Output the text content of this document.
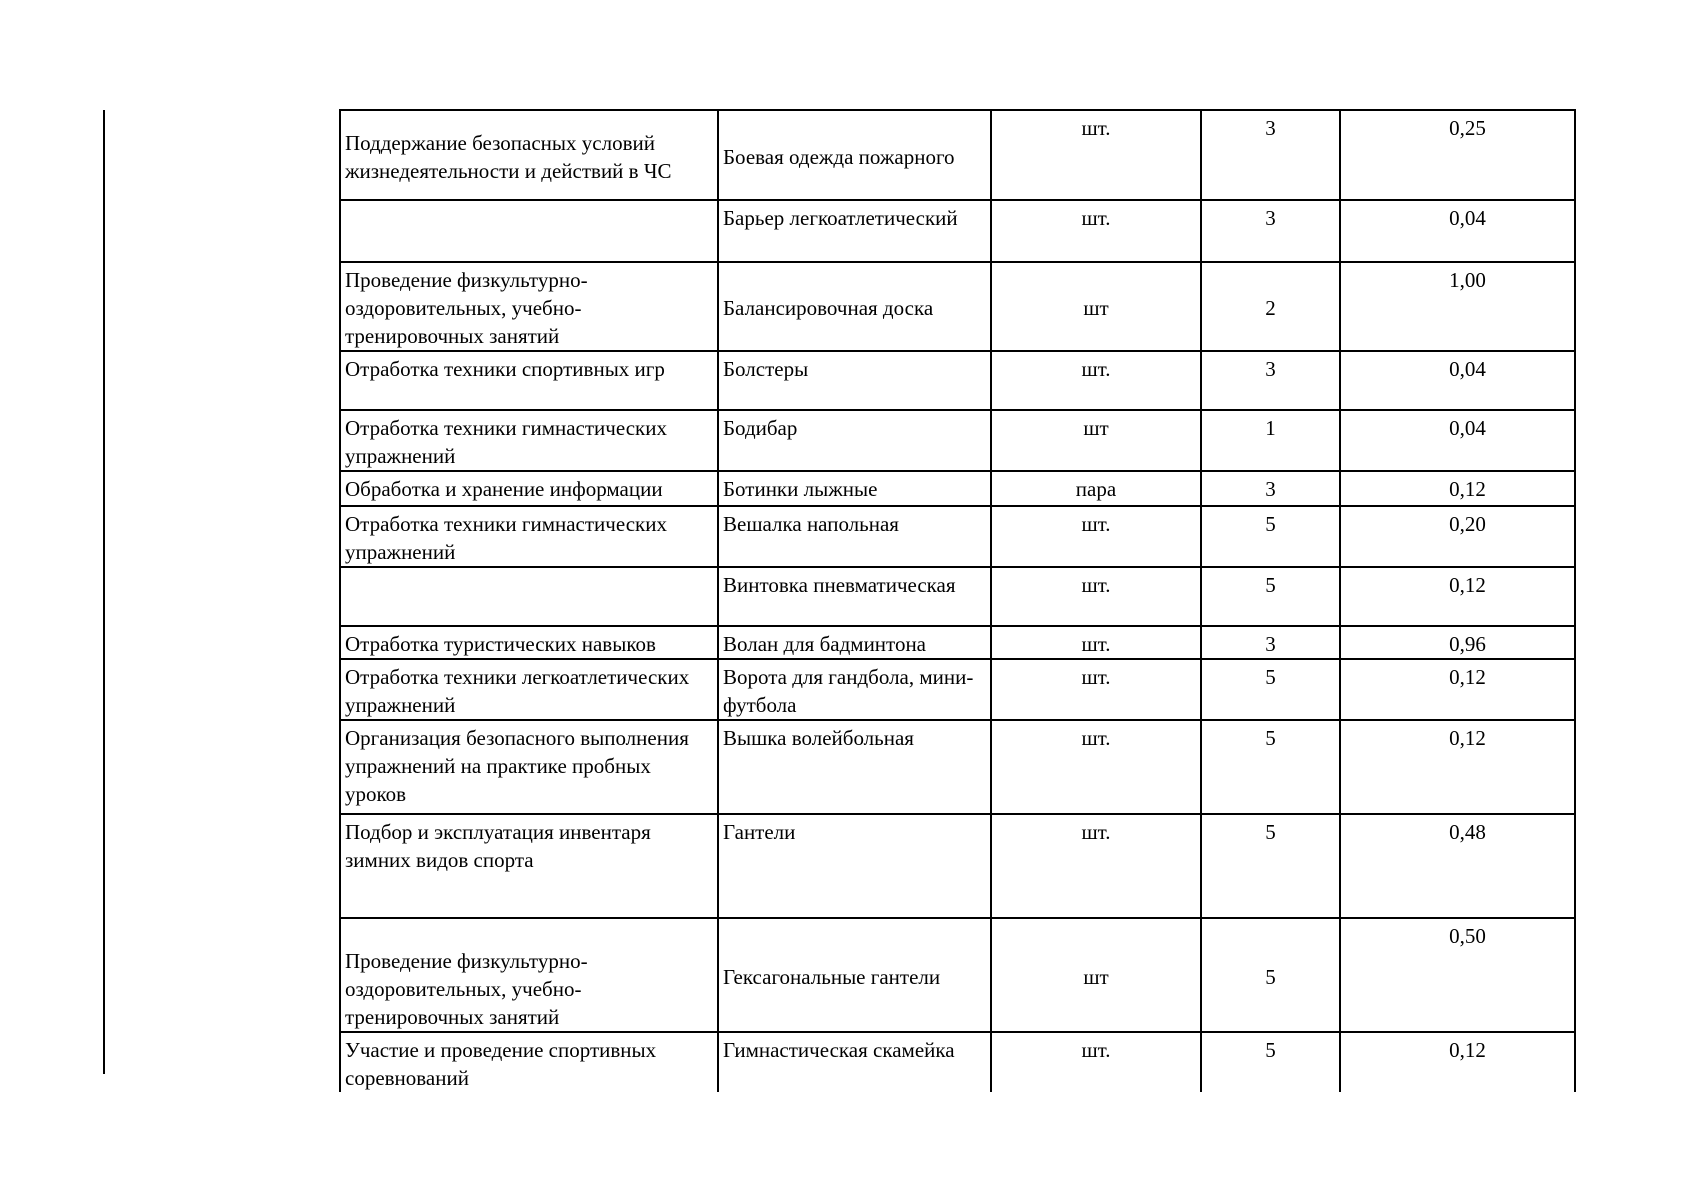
Поддержание безопасных условий жизнедеятельности и действий в ЧС	Боевая одежда пожарного	шт.	3	0,25
	Барьер легкоатлетический	шт.	3	0,04
Проведение физкультурно-оздоровительных, учебно-тренировочных занятий	Балансировочная доска	шт	2	1,00
Отработка техники спортивных игр	Болстеры	шт.	3	0,04
Отработка техники гимнастических упражнений	Бодибар	шт	1	0,04
Обработка и хранение информации	Ботинки лыжные	пара	3	0,12
Отработка техники гимнастических упражнений	Вешалка напольная	шт.	5	0,20
	Винтовка пневматическая	шт.	5	0,12
Отработка туристических навыков	Волан для бадминтона	шт.	3	0,96
Отработка техники легкоатлетических упражнений	Ворота для гандбола, мини-футбола	шт.	5	0,12
Организация безопасного выполнения упражнений на практике пробных уроков	Вышка волейбольная	шт.	5	0,12
Подбор и эксплуатация инвентаря зимних видов спорта	Гантели	шт.	5	0,48
Проведение физкультурно-оздоровительных, учебно-тренировочных занятий	Гексагональные гантели	шт	5	0,50
Участие и проведение спортивных соревнований	Гимнастическая скамейка	шт.	5	0,12
